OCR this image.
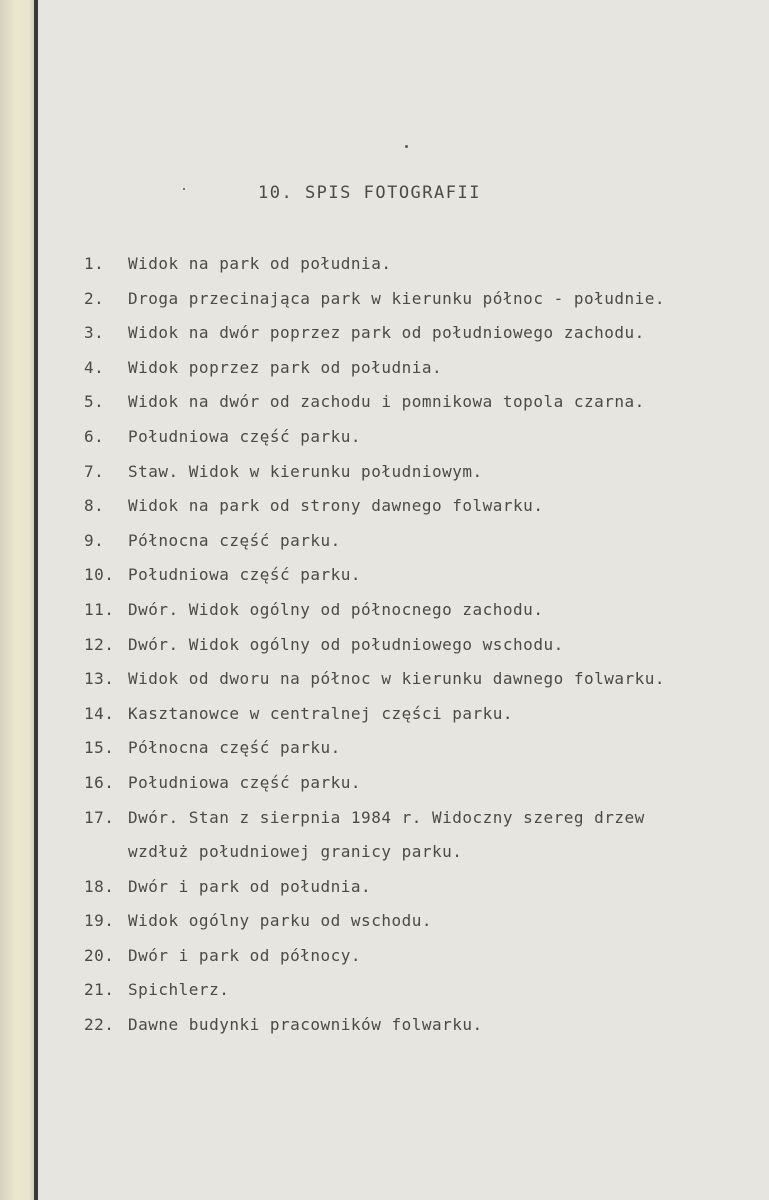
10. SPIS FOTOGRAFII
1. Widok na park od południa.
2. Droga przecinająca park w kierunku północ - południe.
3. Widok na dwór poprzez park od południowego zachodu.
4. Widok poprzez park od południa.
5. Widok na dwór od zachodu i pomnikowa topola czarna.
6. Południowa część parku.
7. Staw. Widok w kierunku południowym.
8. Widok na park od strony dawnego folwarku.
9. Północna część parku.
10. Południowa część parku.
11. Dwór. Widok ogólny od północnego zachodu.
12. Dwór. Widok ogólny od południowego wschodu.
13. Widok od dworu na północ w kierunku dawnego folwarku.
14. Kasztanowce w centralnej części parku.
15. Północna część parku.
16. Południowa część parku.
17. Dwór. Stan z sierpnia 1984 r. Widoczny szereg drzew
wzdłuż południowej granicy parku.
18. Dwór i park od południa.
19. Widok ogólny parku od wschodu.
20. Dwór i park od północy.
21. Spichlerz.
22. Dawne budynki pracowników folwarku.
